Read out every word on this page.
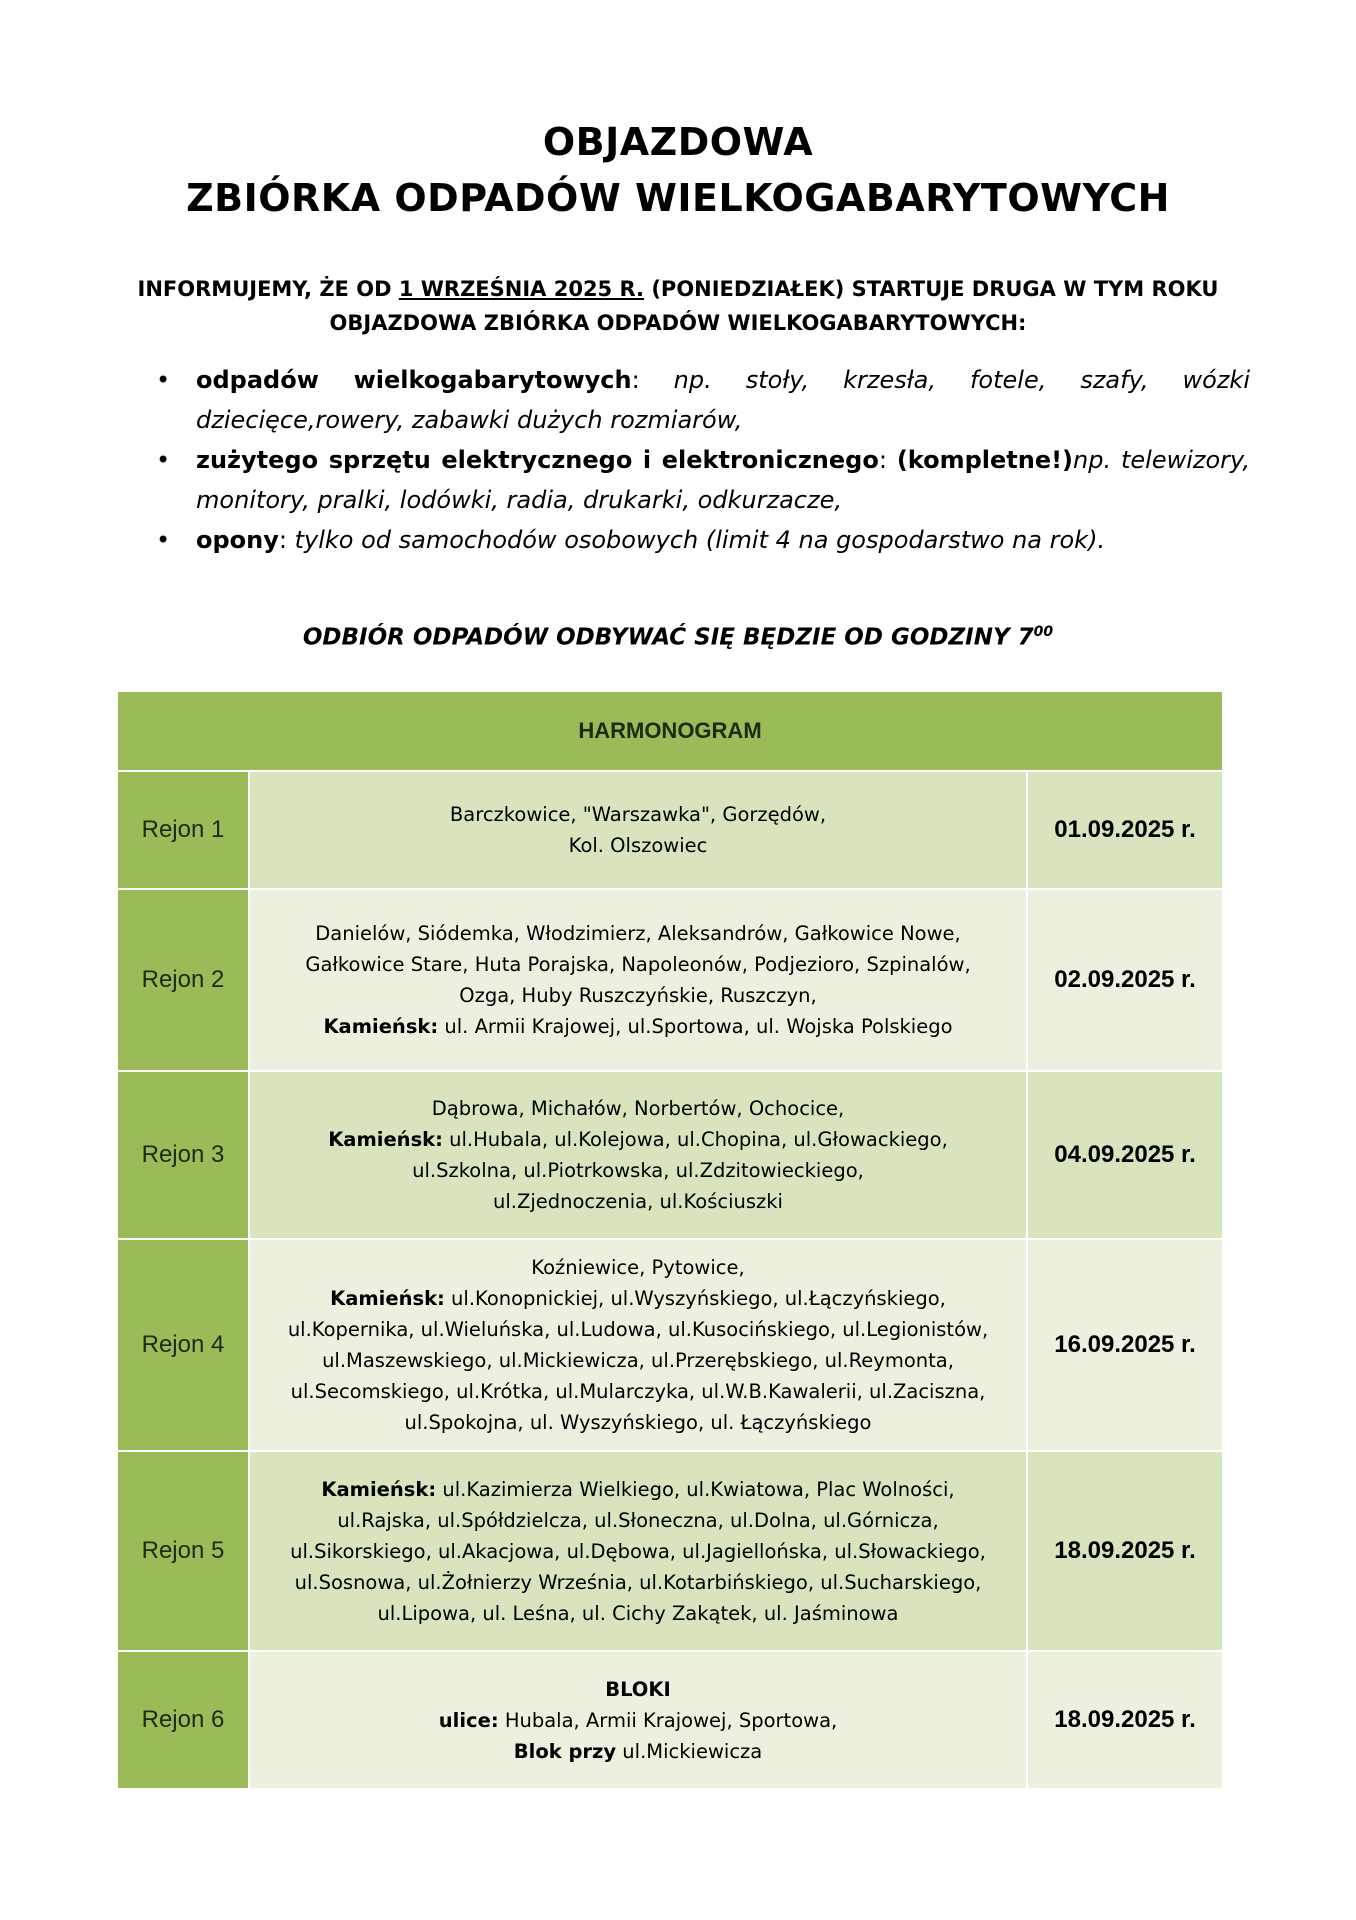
OBJAZDOWA
ZBIÓRKA ODPADÓW WIELKOGABARYTOWYCH
INFORMUJEMY, ŻE OD 1 WRZEŚNIA 2025 R. (PONIEDZIAŁEK) STARTUJE DRUGA W TYM ROKU
OBJAZDOWA ZBIÓRKA ODPADÓW WIELKOGABARYTOWYCH:
• odpadów wielkogabarytowych: np. stoły, krzesła, fotele, szafy, wózki dziecięce,rowery, zabawki dużych rozmiarów,
• zużytego sprzętu elektrycznego i elektronicznego: (kompletne!)np. telewizory, monitory, pralki, lodówki, radia, drukarki, odkurzacze,
• opony: tylko od samochodów osobowych (limit 4 na gospodarstwo na rok).
ODBIÓR ODPADÓW ODBYWAĆ SIĘ BĘDZIE OD GODZINY $7^{00}$
HARMONOGRAM
Rejon 1
Barczkowice, "Warszawka", Gorzędów,
Kol. Olszowiec
01.09.2025 r.
Rejon 2
Danielów, Siódemka, Włodzimierz, Aleksandrów, Gałkowice Nowe,
Gałkowice Stare, Huta Porajska, Napoleonów, Podjezioro, Szpinalów,
Ozga, Huby Ruszczyńskie, Ruszczyn,
Kamieńsk: ul. Armii Krajowej, ul.Sportowa, ul. Wojska Polskiego
02.09.2025 r.
Rejon 3
Dąbrowa, Michałów, Norbertów, Ochocice,
Kamieńsk: ul.Hubala, ul.Kolejowa, ul.Chopina, ul.Głowackiego,
ul.Szkolna, ul.Piotrkowska, ul.Zdzitowieckiego,
ul.Zjednoczenia, ul.Kościuszki
04.09.2025 r.
Rejon 4
Koźniewice, Pytowice,
Kamieńsk: ul.Konopnickiej, ul.Wyszyńskiego, ul.Łączyńskiego,
ul.Kopernika, ul.Wieluńska, ul.Ludowa, ul.Kusocińskiego, ul.Legionistów,
ul.Maszewskiego, ul.Mickiewicza, ul.Przerębskiego, ul.Reymonta,
ul.Secomskiego, ul.Krótka, ul.Mularczyka, ul.W.B.Kawalerii, ul.Zaciszna,
ul.Spokojna, ul. Wyszyńskiego, ul. Łączyńskiego
16.09.2025 r.
Rejon 5
Kamieńsk: ul.Kazimierza Wielkiego, ul.Kwiatowa, Plac Wolności,
ul.Rajska, ul.Spółdzielcza, ul.Słoneczna, ul.Dolna, ul.Górnicza,
ul.Sikorskiego, ul.Akacjowa, ul.Dębowa, ul.Jagiellońska, ul.Słowackiego,
ul.Sosnowa, ul.Żołnierzy Września, ul.Kotarbińskiego, ul.Sucharskiego,
ul.Lipowa, ul. Leśna, ul. Cichy Zakątek, ul. Jaśminowa
18.09.2025 r.
Rejon 6
BLOKI
ulice: Hubala, Armii Krajowej, Sportowa,
Blok przy ul.Mickiewicza
18.09.2025 r.
